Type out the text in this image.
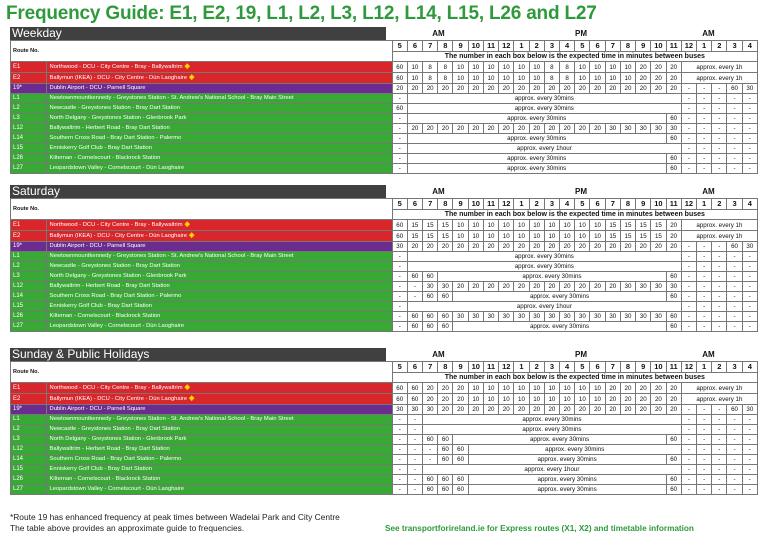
Frequency Guide: E1, E2, 19, L1, L2, L3, L12, L14, L15, L26 and L27
Weekday	AM	PM	AM
Route No.		5	6	7	8	9	10	11	12	1	2	3	4	5	6	7	8	9	10	11	12	1	2	3	4
		The number in each box below is the expected time in minutes between buses																							
E1	Northwood - DCU - City Centre - Bray - Ballywaltrim ◈	60	10	8	8	10	10	10	10	10	10	8	8	10	10	10	10	20	20	20	approx. every 1h				
E2	Ballymun (IKEA) - DCU - City Centre - Dún Laoghaire ◈	60	10	8	8	10	10	10	10	10	10	8	8	10	10	10	10	20	20	20	approx. every 1h				
19*	Dublin Airport - DCU - Parnell Square	20	20	20	20	20	20	20	20	20	20	20	20	20	20	20	20	20	20	20	-	-	-	60	30
L1	Newtownmountkennedy - Greystones Station - St. Andrew's National School - Bray Main Street	-	approx. every 30mins																		-	-	-	-	-
L2	Newcastle - Greystones Station - Bray Dart Station	60	approx. every 30mins																		-	-	-	-	-
L3	North Delgany - Greystones Station - Glenbrook Park	-	approx. every 30mins																	60	-	-	-	-	-
L12	Ballywaltrim - Herbert Road - Bray Dart Station	-	20	20	20	20	20	20	20	20	20	20	20	20	20	30	30	30	30	30	-	-	-	-	-
L14	Southern Cross Road - Bray Dart Station - Palermo	-	approx. every 30mins																	60	-	-	-	-	-
L15	Enniskerry Golf Club - Bray Dart Station	-	approx. every 1hour																		-	-	-	-	-
L26	Kilternan - Cornelscourt - Blackrock Station	-	approx. every 30mins																	60	-	-	-	-	-
L27	Leopardstown Valley - Cornelscourt - Dún Laoghaire	-	approx. every 30mins																	60	-	-	-	-	-
Saturday	AM	PM	AM
Route No.		5	6	7	8	9	10	11	12	1	2	3	4	5	6	7	8	9	10	11	12	1	2	3	4
		The number in each box below is the expected time in minutes between buses																							
E1	Northwood - DCU - City Centre - Bray - Ballywaltrim ◈	60	15	15	15	10	10	10	10	10	10	10	10	10	10	15	15	15	15	20	approx. every 1h				
E2	Ballymun (IKEA) - DCU - City Centre - Dún Laoghaire ◈	60	15	15	15	10	10	10	10	10	10	10	10	10	10	15	15	15	15	20	approx. every 1h				
19*	Dublin Airport - DCU - Parnell Square	30	20	20	20	20	20	20	20	20	20	20	20	20	20	20	20	20	20	20	-	-	-	60	30
L1	Newtownmountkennedy - Greystones Station - St. Andrew's National School - Bray Main Street	-	approx. every 30mins																		-	-	-	-	-
L2	Newcastle - Greystones Station - Bray Dart Station	-	approx. every 30mins																		-	-	-	-	-
L3	North Delgany - Greystones Station - Glenbrook Park	-	60	60	approx. every 30mins															60	-	-	-	-	-
L12	Ballywaltrim - Herbert Road - Bray Dart Station	-	-	30	30	20	20	20	20	20	20	20	20	20	20	20	30	30	30	30	-	-	-	-	-
L14	Southern Cross Road - Bray Dart Station - Palermo	-	-	60	60	approx. every 30mins														60	-	-	-	-	-
L15	Enniskerry Golf Club - Bray Dart Station	-	approx. every 1hour																		-	-	-	-	-
L26	Kilternan - Cornelscourt - Blackrock Station	-	60	60	60	30	30	30	30	30	30	30	30	30	30	30	30	30	30	60	-	-	-	-	-
L27	Leopardstown Valley - Cornelscourt - Dún Laoghaire	-	60	60	60	approx. every 30mins														60	-	-	-	-	-
Sunday & Public Holidays	AM	PM	AM
Route No.		5	6	7	8	9	10	11	12	1	2	3	4	5	6	7	8	9	10	11	12	1	2	3	4
		The number in each box below is the expected time in minutes between buses																							
E1	Northwood - DCU - City Centre - Bray - Ballywaltrim ◈	60	60	20	20	20	10	10	10	10	10	10	10	10	10	20	20	20	20	20	approx. every 1h				
E2	Ballymun (IKEA) - DCU - City Centre - Dún Laoghaire ◈	60	60	20	20	20	10	10	10	10	10	10	10	10	10	20	20	20	20	20	approx. every 1h				
19*	Dublin Airport - DCU - Parnell Square	30	30	30	20	20	20	20	20	20	20	20	20	20	20	20	20	20	20	20	-	-	-	60	30
L1	Newtownmountkennedy - Greystones Station - St. Andrew's National School - Bray Main Street	-	-	approx. every 30mins																	-	-	-	-	-
L2	Newcastle - Greystones Station - Bray Dart Station	-	-	approx. every 30mins																	-	-	-	-	-
L3	North Delgany - Greystones Station - Glenbrook Park	-	-	60	60	approx. every 30mins														60	-	-	-	-	-
L12	Ballywaltrim - Herbert Road - Bray Dart Station	-	-	-	60	60	approx. every 30mins														-	-	-	-	-
L14	Southern Cross Road - Bray Dart Station - Palermo	-	-	-	60	60	approx. every 30mins													60	-	-	-	-	-
L15	Enniskerry Golf Club - Bray Dart Station	-	-	approx. every 1hour																	-	-	-	-	-
L26	Kilternan - Cornelscourt - Blackrock Station	-	-	60	60	60	approx. every 30mins													60	-	-	-	-	-
L27	Leopardstown Valley - Cornelscourt - Dún Laoghaire	-	-	60	60	60	approx. every 30mins													60	-	-	-	-	-
*Route 19 has enhanced frequency at peak times between Wadelai Park and City Centre
The table above provides an approximate guide to frequencies.	See transportforireland.ie for Express routes (X1, X2) and timetable information
